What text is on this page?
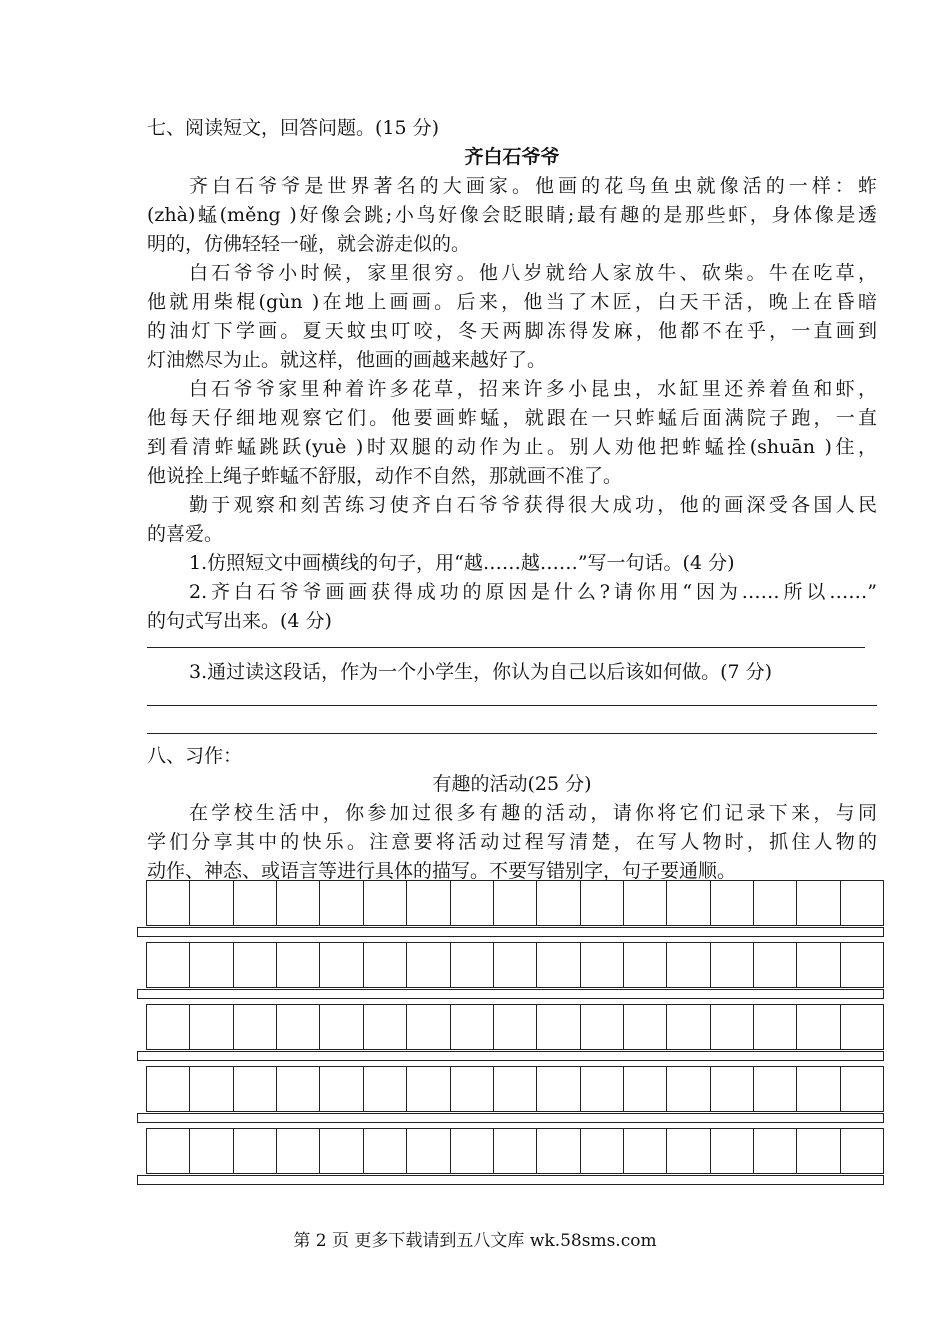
七、阅读短文，回答问题。(15 分)
齐白石爷爷
齐白石爷爷是世界著名的大画家。他画的花鸟鱼虫就像活的一样：蚱
(zhà)蜢(měng )好像会跳;小鸟好像会眨眼睛;最有趣的是那些虾，身体像是透
明的，仿佛轻轻一碰，就会游走似的。
白石爷爷小时候，家里很穷。他八岁就给人家放牛、砍柴。牛在吃草，
他就用柴棍(gùn )在地上画画。后来，他当了木匠，白天干活，晚上在昏暗
的油灯下学画。夏天蚊虫叮咬，冬天两脚冻得发麻，他都不在乎，一直画到
灯油燃尽为止。就这样，他画的画越来越好了。
白石爷爷家里种着许多花草，招来许多小昆虫，水缸里还养着鱼和虾，
他每天仔细地观察它们。他要画蚱蜢，就跟在一只蚱蜢后面满院子跑，一直
到看清蚱蜢跳跃(yuè )时双腿的动作为止。别人劝他把蚱蜢拴(shuān )住，
他说拴上绳子蚱蜢不舒服，动作不自然，那就画不准了。
勤于观察和刻苦练习使齐白石爷爷获得很大成功，他的画深受各国人民
的喜爱。
1.仿照短文中画横线的句子，用“越……越……”写一句话。(4 分)
2.齐白石爷爷画画获得成功的原因是什么?请你用“因为……所以……”
的句式写出来。(4 分)
3.通过读这段话，作为一个小学生，你认为自己以后该如何做。(7 分)
八、习作：
有趣的活动(25 分)
在学校生活中，你参加过很多有趣的活动，请你将它们记录下来，与同
学们分享其中的快乐。注意要将活动过程写清楚，在写人物时，抓住人物的
动作、神态、或语言等进行具体的描写。不要写错别字，句子要通顺。
第 2 页 更多下载请到五八文库 wk.58sms.com
